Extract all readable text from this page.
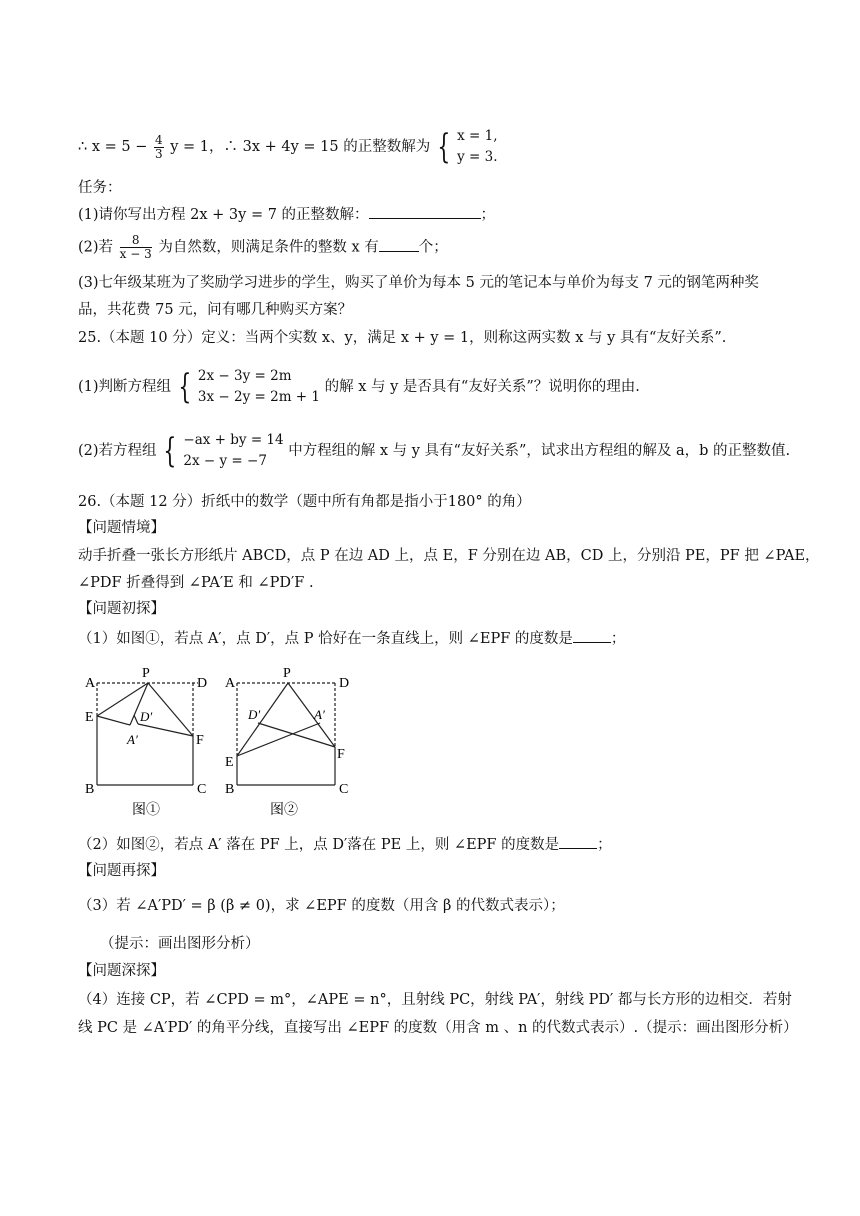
∴ $x = 5 - \frac{4}{3}$ y = 1，∴ 3x + 4y = 15 的正整数解为 { x = 1,
y = 3.
任务：
(1)请你写出方程 2x + 3y = 7 的正整数解：	；
(2)若 $\frac{8}{x - 3}$ 为自然数，则满足条件的整数 x 有	个；
(3)七年级某班为了奖励学习进步的学生，购买了单价为每本 5 元的笔记本与单价为每支 7 元的钢笔两种奖
品，共花费 75 元，问有哪几种购买方案？
25.（本题 10 分）定义：当两个实数 x、y，满足 x + y = 1，则称这两实数 x 与 y 具有“友好关系”.
(1)判断方程组 { 2x − 3y = 2m
3x − 2y = 2m + 1
的解 x 与 y 是否具有“友好关系”？说明你的理由.
(2)若方程组 { −ax + by = 14
2x − y = −7
中方程组的解 x 与 y 具有“友好关系”，试求出方程组的解及 a，b 的正整数值.
26.（本题 12 分）折纸中的数学（题中所有角都是指小于180° 的角）
【问题情境】
动手折叠一张长方形纸片 ABCD，点 P 在边 AD 上，点 E，F 分别在边 AB，CD 上，分别沿 PE，PF 把 ∠PAE，
∠PDF 折叠得到 ∠PA′E 和 ∠PD′F .
【问题初探】
（1）如图①，若点 A′，点 D′，点 P 恰好在一条直线上，则 ∠EPF 的度数是	；
A
P
D
E	D′
A′	F
B	C
图①
A
P
D
D′	A′
E
F
B	C
图②
（2）如图②，若点 A′ 落在 PF 上，点 D′落在 PE 上，则 ∠EPF 的度数是	；
【问题再探】
（3）若 ∠A′PD′ = β (β ≠ 0)，求 ∠EPF 的度数（用含 β 的代数式表示）；
（提示：画出图形分析）
【问题深探】
（4）连接 CP，若 ∠CPD = m°，∠APE = n°，且射线 PC，射线 PA′，射线 PD′ 都与长方形的边相交．若射
线 PC 是 ∠A′PD′ 的角平分线，直接写出 ∠EPF 的度数（用含 m 、n 的代数式表示）.（提示：画出图形分析）
